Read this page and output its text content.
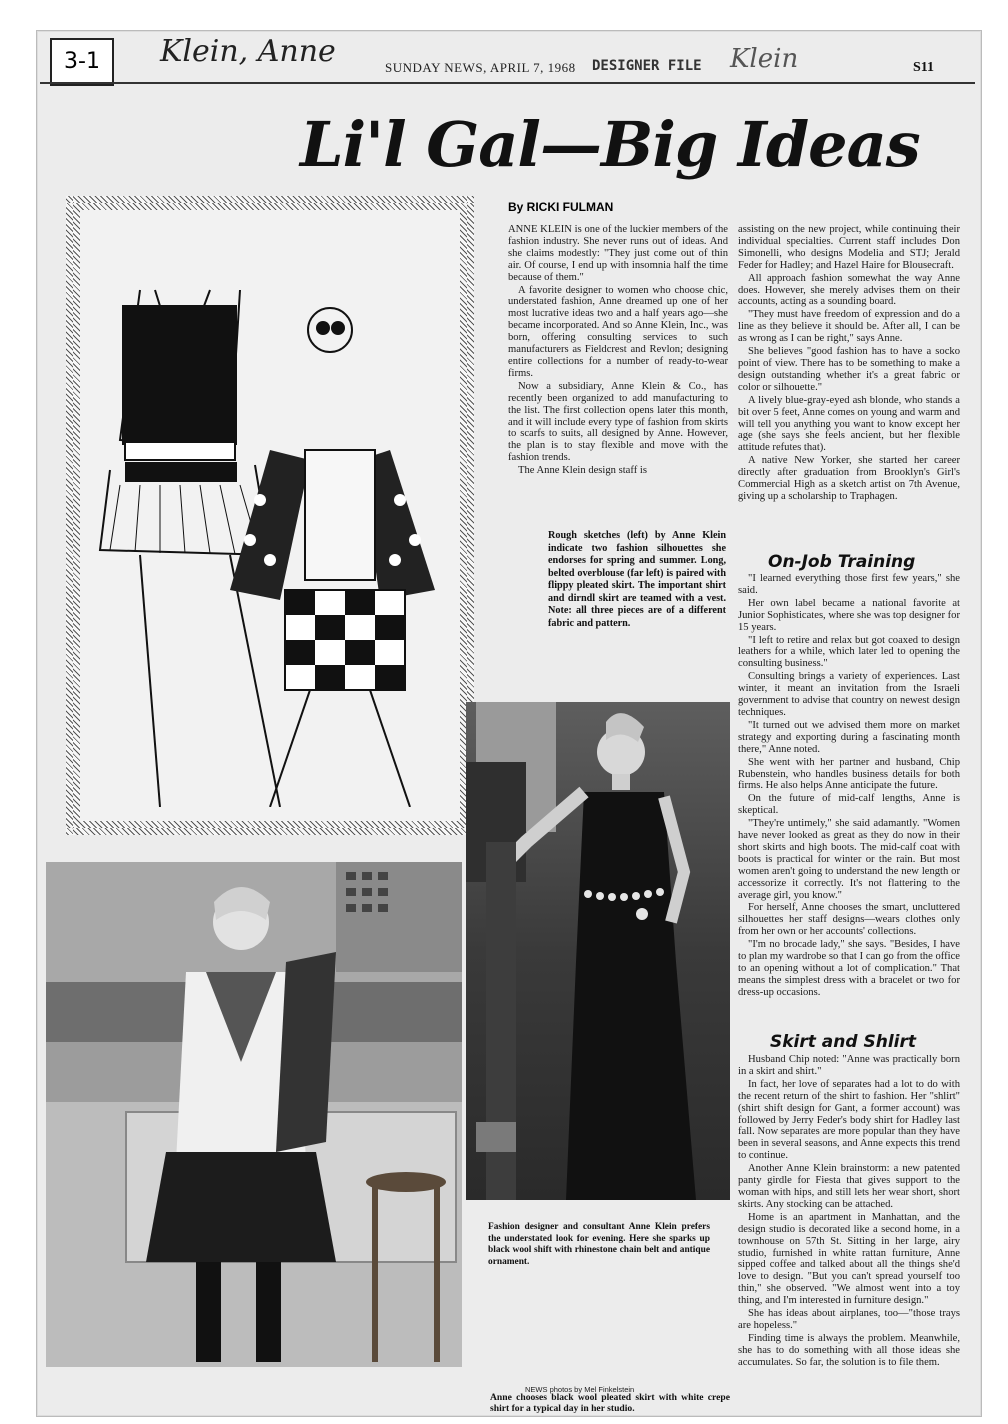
3-1	Klein, Anne	Klein
SUNDAY NEWS, APRIL 7, 1968 DESIGNER FILE	S11
Li'l Gal—Big Ideas
By RICKI FULMAN

ANNE KLEIN is one of the luckier members of the fashion industry. She never runs out of ideas. And she claims modestly: "They just come out of thin air. Of course, I end up with insomnia half the time because of them."

A favorite designer to women who choose chic, understated fashion, Anne dreamed up one of her most lucrative ideas two and a half years ago—she became incorporated. And so Anne Klein, Inc., was born, offering consulting services to such manufacturers as Fieldcrest and Revlon; designing entire collections for a number of ready-to-wear firms.

Now a subsidiary, Anne Klein & Co., has recently been organized to add manufacturing to the list. The first collection opens later this month, and it will include every type of fashion from skirts to scarfs to suits, all designed by Anne. However, the plan is to stay flexible and move with the fashion trends.

The Anne Klein design staff is

Rough sketches (left) by Anne Klein indicate two fashion silhouettes she endorses for spring and summer. Long, belted overblouse (far left) is paired with flippy pleated skirt. The important shirt and dirndl skirt are teamed with a vest. Note: all three pieces are of a different fabric and pattern.

assisting on the new project, while continuing their individual specialties. Current staff includes Don Simonelli, who designs Modelia and STJ; Jerald Feder for Hadley; and Hazel Haire for Blousecraft.

All approach fashion somewhat the way Anne does. However, she merely advises them on their accounts, acting as a sounding board.

"They must have freedom of expression and do a line as they believe it should be. After all, I can be as wrong as I can be right," says Anne.

She believes "good fashion has to have a socko point of view. There has to be something to make a design outstanding whether it's a great fabric or color or silhouette."

A lively blue-gray-eyed ash blonde, who stands a bit over 5 feet, Anne comes on young and warm and will tell you anything you want to know except her age (she says she feels ancient, but her flexible attitude refutes that).

A native New Yorker, she started her career directly after graduation from Brooklyn's Girl's Commercial High as a sketch artist on 7th Avenue, giving up a scholarship to Traphagen.

On-Job Training

"I learned everything those first few years," she said.

Her own label became a national favorite at Junior Sophisticates, where she was top designer for 15 years.

"I left to retire and relax but got coaxed to design leathers for a while, which later led to opening the consulting business."

Consulting brings a variety of experiences. Last winter, it meant an invitation from the Israeli government to advise that country on newest design techniques.

"It turned out we advised them more on market strategy and exporting during a fascinating month there," Anne noted.

She went with her partner and husband, Chip Rubenstein, who handles business details for both firms. He also helps Anne anticipate the future.

On the future of mid-calf lengths, Anne is skeptical.

"They're untimely," she said adamantly. "Women have never looked as great as they do now in their short skirts and high boots. The mid-calf coat with boots is practical for winter or the rain. But most women aren't going to understand the new length or accessorize it correctly. It's not flattering to the average girl, you know."

For herself, Anne chooses the smart, uncluttered silhouettes her staff designs—wears clothes only from her own or her accounts' collections.

"I'm no brocade lady," she says. "Besides, I have to plan my wardrobe so that I can go from the office to an opening without a lot of complication." That means the simplest dress with a bracelet or two for dress-up occasions.

Skirt and Shlirt

Husband Chip noted: "Anne was practically born in a skirt and shirt."

In fact, her love of separates had a lot to do with the recent return of the shirt to fashion. Her "shlirt" (shirt shift design for Gant, a former account) was followed by Jerry Feder's body shirt for Hadley last fall. Now separates are more popular than they have been in several seasons, and Anne expects this trend to continue.

Another Anne Klein brainstorm: a new patented panty girdle for Fiesta that gives support to the woman with hips, and still lets her wear short, short skirts. Any stocking can be attached.

Home is an apartment in Manhattan, and the design studio is decorated like a second home, in a townhouse on 57th St. Sitting in her large, airy studio, furnished in white rattan furniture, Anne sipped coffee and talked about all the things she'd love to design. "But you can't spread yourself too thin," she observed. "We almost went into a toy thing, and I'm interested in furniture design."

She has ideas about airplanes, too—"those trays are hopeless."

Finding time is always the problem. Meanwhile, she has to do something with all those ideas she accumulates. So far, the solution is to file them.

Fashion designer and consultant Anne Klein prefers the understated look for evening. Here she sparks up black wool shift with rhinestone chain belt and antique ornament.
NEWS photos by Mel Finkelstein
Anne chooses black wool pleated skirt with white crepe shirt for a typical day in her studio.
